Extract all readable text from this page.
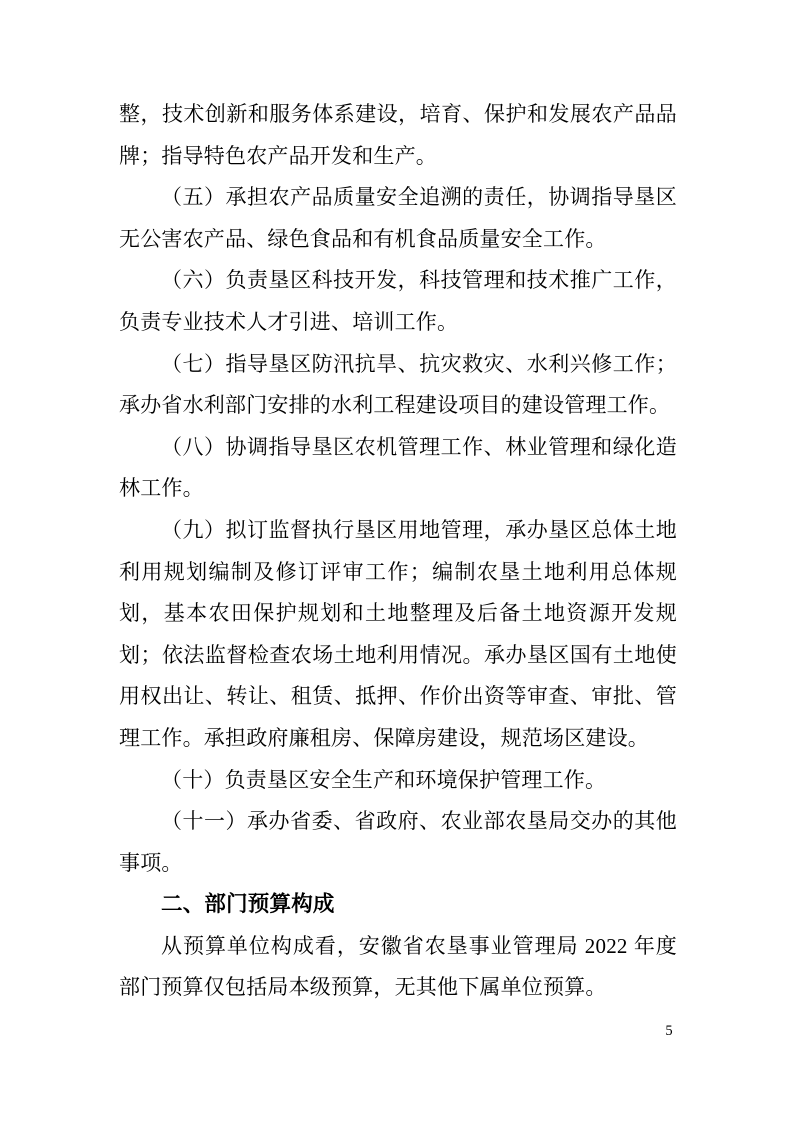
整，技术创新和服务体系建设，培育、保护和发展农产品品
牌；指导特色农产品开发和生产。
（五）承担农产品质量安全追溯的责任，协调指导垦区
无公害农产品、绿色食品和有机食品质量安全工作。
（六）负责垦区科技开发，科技管理和技术推广工作，
负责专业技术人才引进、培训工作。
（七）指导垦区防汛抗旱、抗灾救灾、水利兴修工作；
承办省水利部门安排的水利工程建设项目的建设管理工作。
（八）协调指导垦区农机管理工作、林业管理和绿化造
林工作。
（九）拟订监督执行垦区用地管理，承办垦区总体土地
利用规划编制及修订评审工作；编制农垦土地利用总体规
划，基本农田保护规划和土地整理及后备土地资源开发规
划；依法监督检查农场土地利用情况。承办垦区国有土地使
用权出让、转让、租赁、抵押、作价出资等审查、审批、管
理工作。承担政府廉租房、保障房建设，规范场区建设。
（十）负责垦区安全生产和环境保护管理工作。
（十一）承办省委、省政府、农业部农垦局交办的其他
事项。
二、部门预算构成
从预算单位构成看，安徽省农垦事业管理局 2022 年度
部门预算仅包括局本级预算，无其他下属单位预算。
5
